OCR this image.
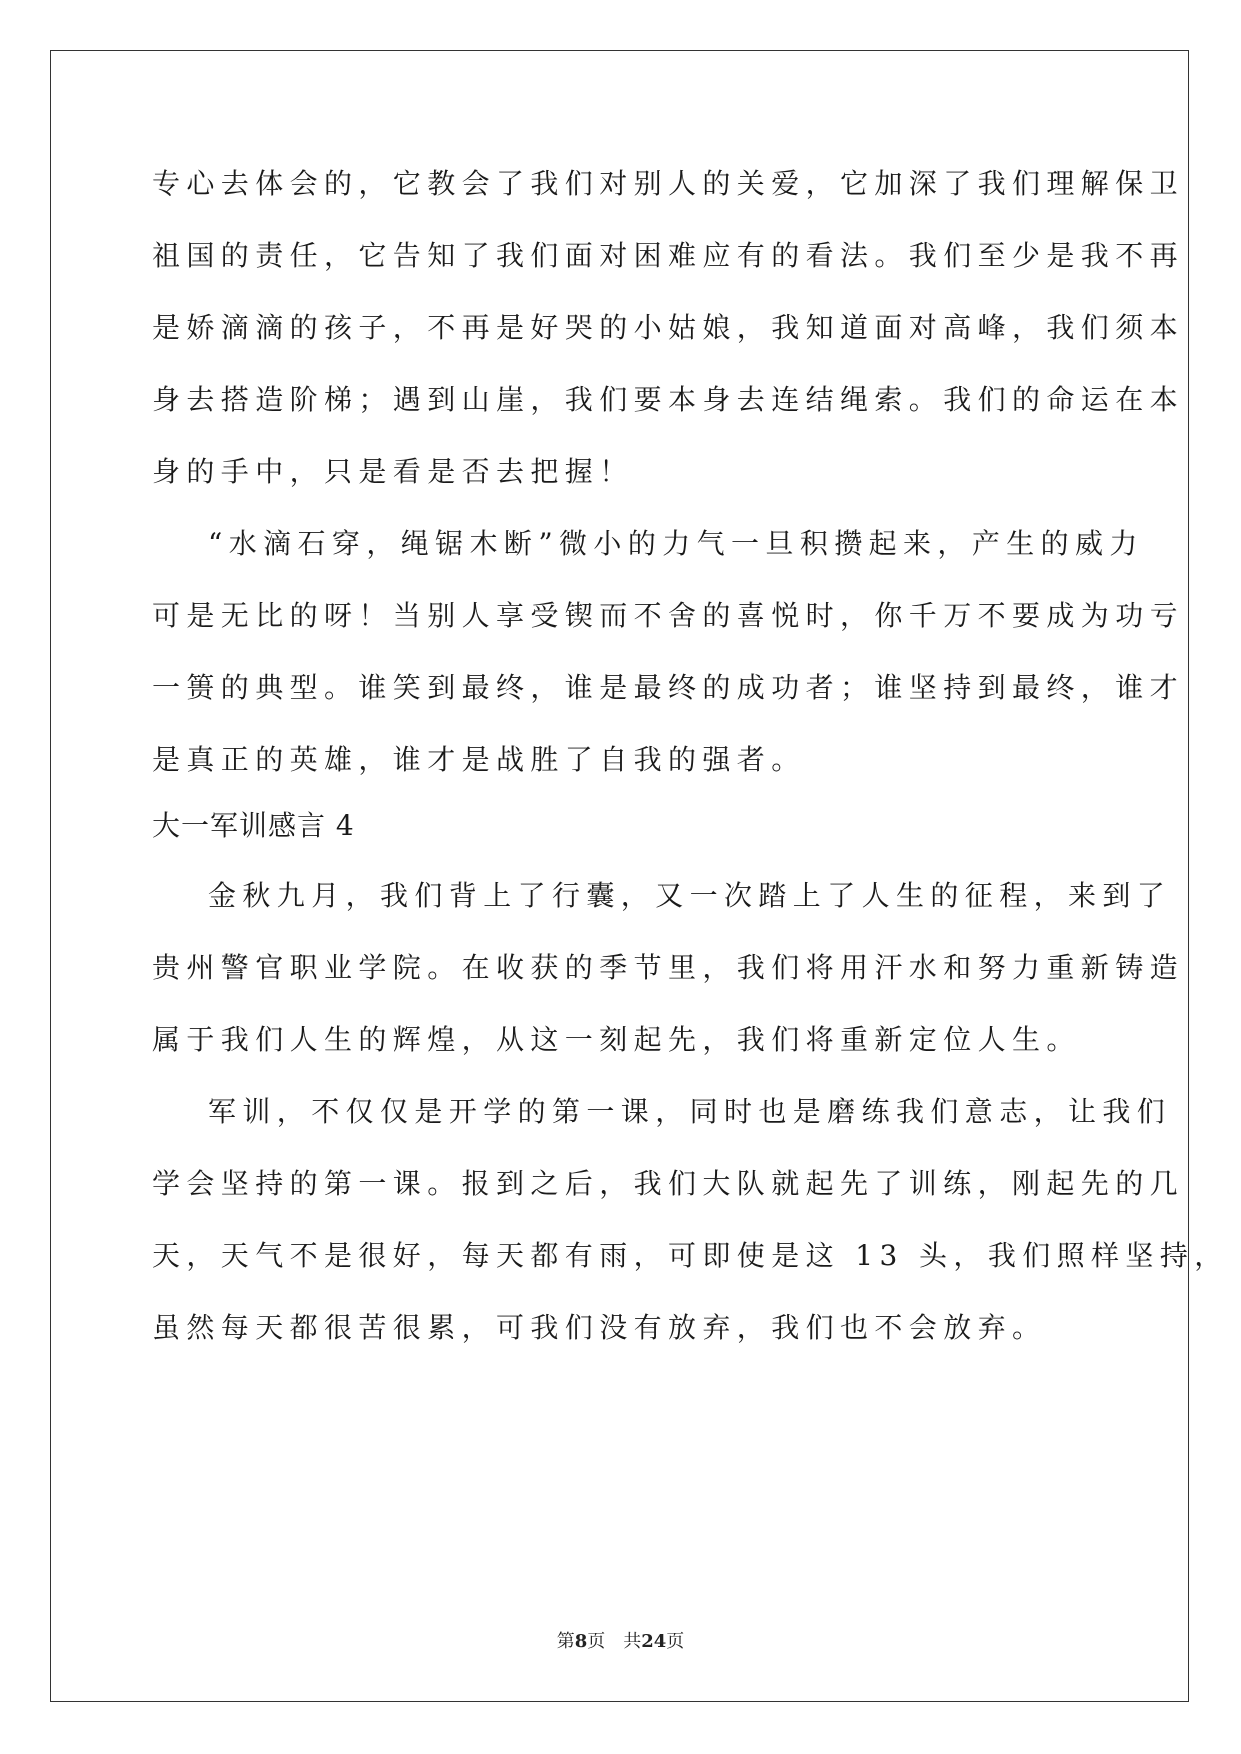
专心去体会的，它教会了我们对别人的关爱，它加深了我们理解保卫
祖国的责任，它告知了我们面对困难应有的看法。我们至少是我不再
是娇滴滴的孩子，不再是好哭的小姑娘，我知道面对高峰，我们须本
身去搭造阶梯；遇到山崖，我们要本身去连结绳索。我们的命运在本
身的手中，只是看是否去把握！
“水滴石穿，绳锯木断”微小的力气一旦积攒起来，产生的威力
可是无比的呀！当别人享受锲而不舍的喜悦时，你千万不要成为功亏
一篑的典型。谁笑到最终，谁是最终的成功者；谁坚持到最终，谁才
是真正的英雄，谁才是战胜了自我的强者。
大一军训感言 4
金秋九月，我们背上了行囊，又一次踏上了人生的征程，来到了
贵州警官职业学院。在收获的季节里，我们将用汗水和努力重新铸造
属于我们人生的辉煌，从这一刻起先，我们将重新定位人生。
军训，不仅仅是开学的第一课，同时也是磨练我们意志，让我们
学会坚持的第一课。报到之后，我们大队就起先了训练，刚起先的几
天，天气不是很好，每天都有雨，可即使是这 13 头，我们照样坚持，
虽然每天都很苦很累，可我们没有放弃，我们也不会放弃。
第8页  共24页
